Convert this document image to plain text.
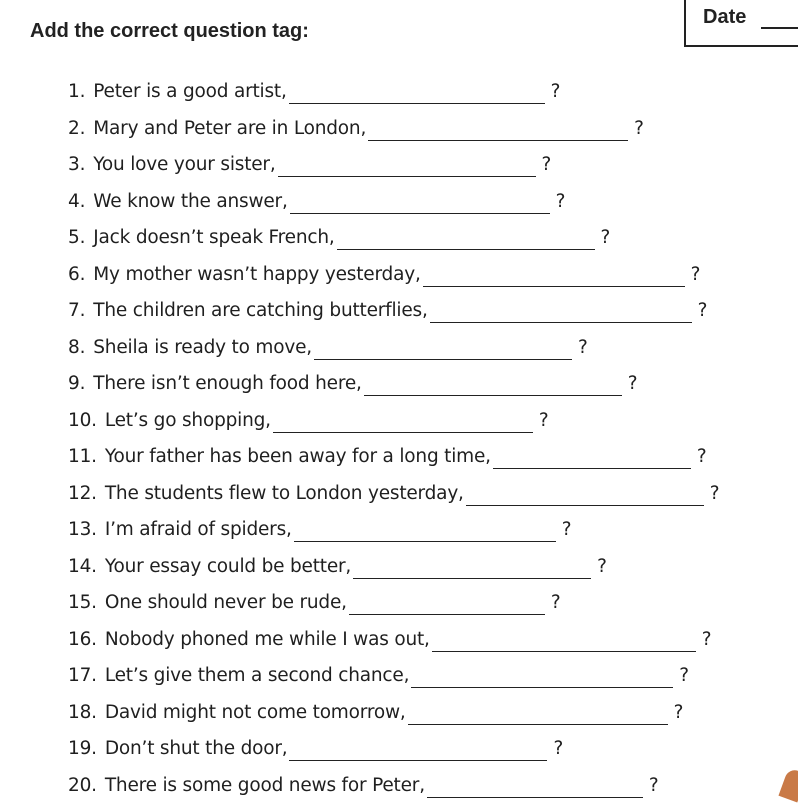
Add the correct question tag:
Date
1. Peter is a good artist,	?
2. Mary and Peter are in London,	?
3. You love your sister,	?
4. We know the answer,	?
5. Jack doesn’t speak French,	?
6. My mother wasn’t happy yesterday,	?
7. The children are catching butterflies,	?
8. Sheila is ready to move,	?
9. There isn’t enough food here,	?
10. Let’s go shopping,	?
11. Your father has been away for a long time,	?
12. The students flew to London yesterday,	?
13. I’m afraid of spiders,	?
14. Your essay could be better,	?
15. One should never be rude,	?
16. Nobody phoned me while I was out,	?
17. Let’s give them a second chance,	?
18. David might not come tomorrow,	?
19. Don’t shut the door,	?
20. There is some good news for Peter,	?
